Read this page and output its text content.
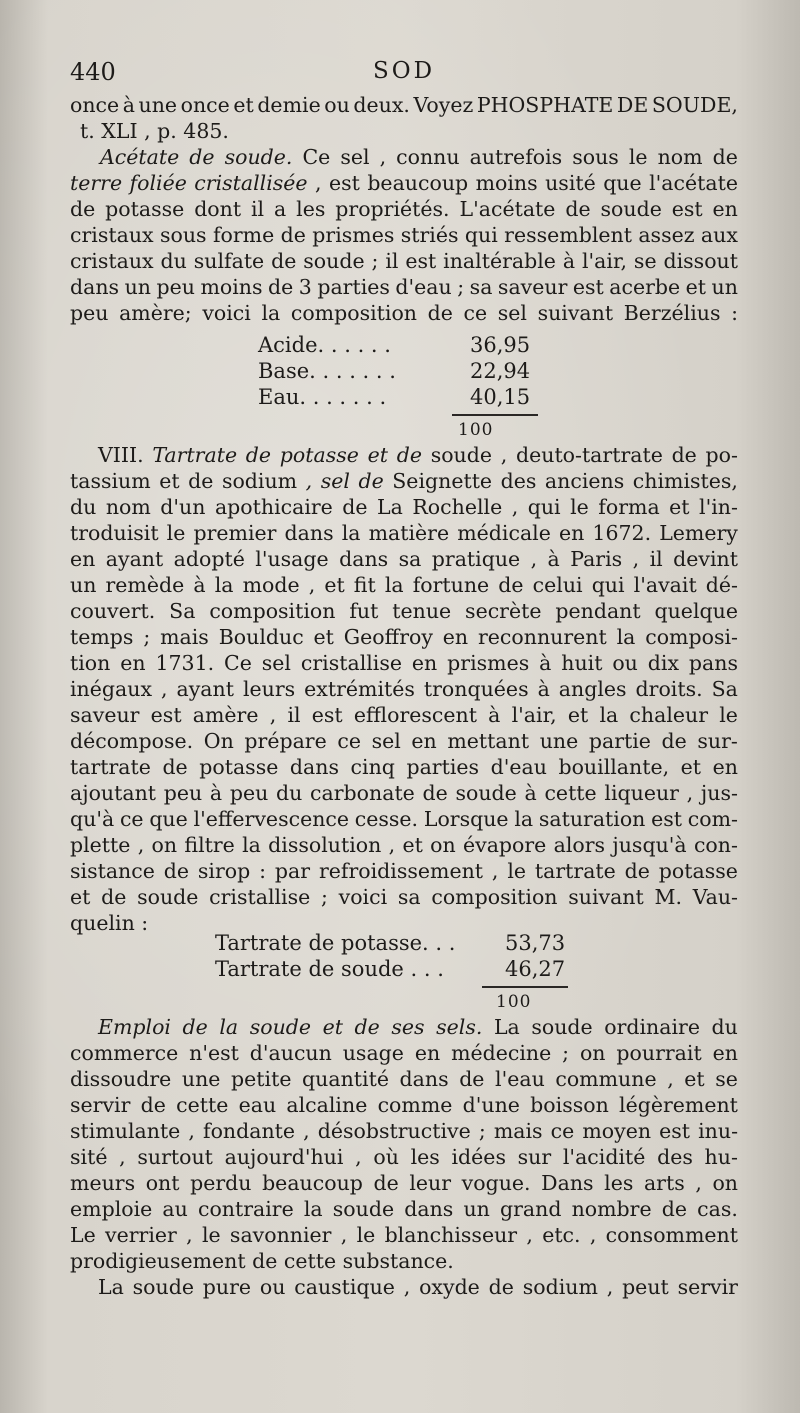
440	SOD
once à une once et demie ou deux. Voyez PHOSPHATE DE SOUDE,
t. XLI , p. 485.
Acétate de soude. Ce sel , connu autrefois sous le nom de
terre foliée cristallisée , est beaucoup moins usité que l'acétate
de potasse dont il a les propriétés. L'acétate de soude est en
cristaux sous forme de prismes striés qui ressemblent assez aux
cristaux du sulfate de soude ; il est inaltérable à l'air, se dissout
dans un peu moins de 3 parties d'eau ; sa saveur est acerbe et un
peu amère; voici la composition de ce sel suivant Berzélius :
Acide. . . . . .	36,95
Base. . . . . . .	22,94
Eau. . . . . . .	40,15
100
VIII. Tartrate de potasse et de soude , deuto-tartrate de po-
tassium et de sodium , sel de Seignette des anciens chimistes,
du nom d'un apothicaire de La Rochelle , qui le forma et l'in-
troduisit le premier dans la matière médicale en 1672. Lemery
en ayant adopté l'usage dans sa pratique , à Paris , il devint
un remède à la mode , et fit la fortune de celui qui l'avait dé-
couvert. Sa composition fut tenue secrète pendant quelque
temps ; mais Boulduc et Geoffroy en reconnurent la composi-
tion en 1731. Ce sel cristallise en prismes à huit ou dix pans
inégaux , ayant leurs extrémités tronquées à angles droits. Sa
saveur est amère , il est efflorescent à l'air, et la chaleur le
décompose. On prépare ce sel en mettant une partie de sur-
tartrate de potasse dans cinq parties d'eau bouillante, et en
ajoutant peu à peu du carbonate de soude à cette liqueur , jus-
qu'à ce que l'effervescence cesse. Lorsque la saturation est com-
plette , on filtre la dissolution , et on évapore alors jusqu'à con-
sistance de sirop : par refroidissement , le tartrate de potasse
et de soude cristallise ; voici sa composition suivant M. Vau-
quelin :
Tartrate de potasse. . . 53,73
Tartrate de soude . . .	46,27
100
Emploi de la soude et de ses sels. La soude ordinaire du
commerce n'est d'aucun usage en médecine ; on pourrait en
dissoudre une petite quantité dans de l'eau commune , et se
servir de cette eau alcaline comme d'une boisson légèrement
stimulante , fondante , désobstructive ; mais ce moyen est inu-
sité , surtout aujourd'hui , où les idées sur l'acidité des hu-
meurs ont perdu beaucoup de leur vogue. Dans les arts , on
emploie au contraire la soude dans un grand nombre de cas.
Le verrier , le savonnier , le blanchisseur , etc. , consomment
prodigieusement de cette substance.
La soude pure ou caustique , oxyde de sodium , peut servir
